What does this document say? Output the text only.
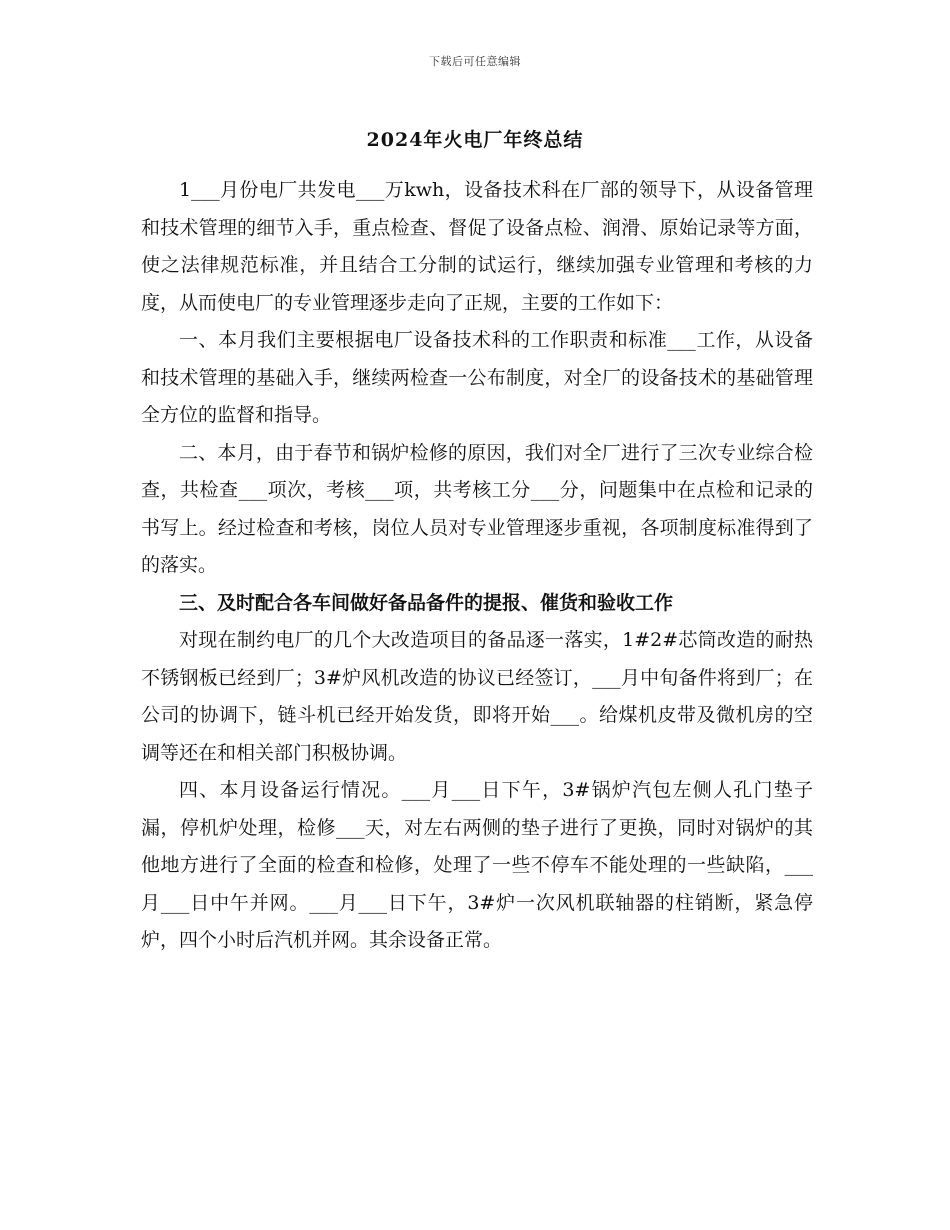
下载后可任意编辑
2024年火电厂年终总结

1___月份电厂共发电___万kwh，设备技术科在厂部的领导下，从设备管理和技术管理的细节入手，重点检查、督促了设备点检、润滑、原始记录等方面，使之法律规范标准，并且结合工分制的试运行，继续加强专业管理和考核的力度，从而使电厂的专业管理逐步走向了正规，主要的工作如下：

一、本月我们主要根据电厂设备技术科的工作职责和标准___工作，从设备和技术管理的基础入手，继续两检查一公布制度，对全厂的设备技术的基础管理全方位的监督和指导。

二、本月，由于春节和锅炉检修的原因，我们对全厂进行了三次专业综合检查，共检查___项次，考核___项，共考核工分___分，问题集中在点检和记录的书写上。经过检查和考核，岗位人员对专业管理逐步重视，各项制度标准得到了的落实。

三、及时配合各车间做好备品备件的提报、催货和验收工作

对现在制约电厂的几个大改造项目的备品逐一落实，1#2#芯筒改造的耐热不锈钢板已经到厂；3#炉风机改造的协议已经签订，___月中旬备件将到厂；在公司的协调下，链斗机已经开始发货，即将开始___。给煤机皮带及微机房的空调等还在和相关部门积极协调。

四、本月设备运行情况。___月___日下午，3#锅炉汽包左侧人孔门垫子漏，停机炉处理，检修___天，对左右两侧的垫子进行了更换，同时对锅炉的其他地方进行了全面的检查和检修，处理了一些不停车不能处理的一些缺陷，___月___日中午并网。___月___日下午，3#炉一次风机联轴器的柱销断，紧急停炉，四个小时后汽机并网。其余设备正常。
